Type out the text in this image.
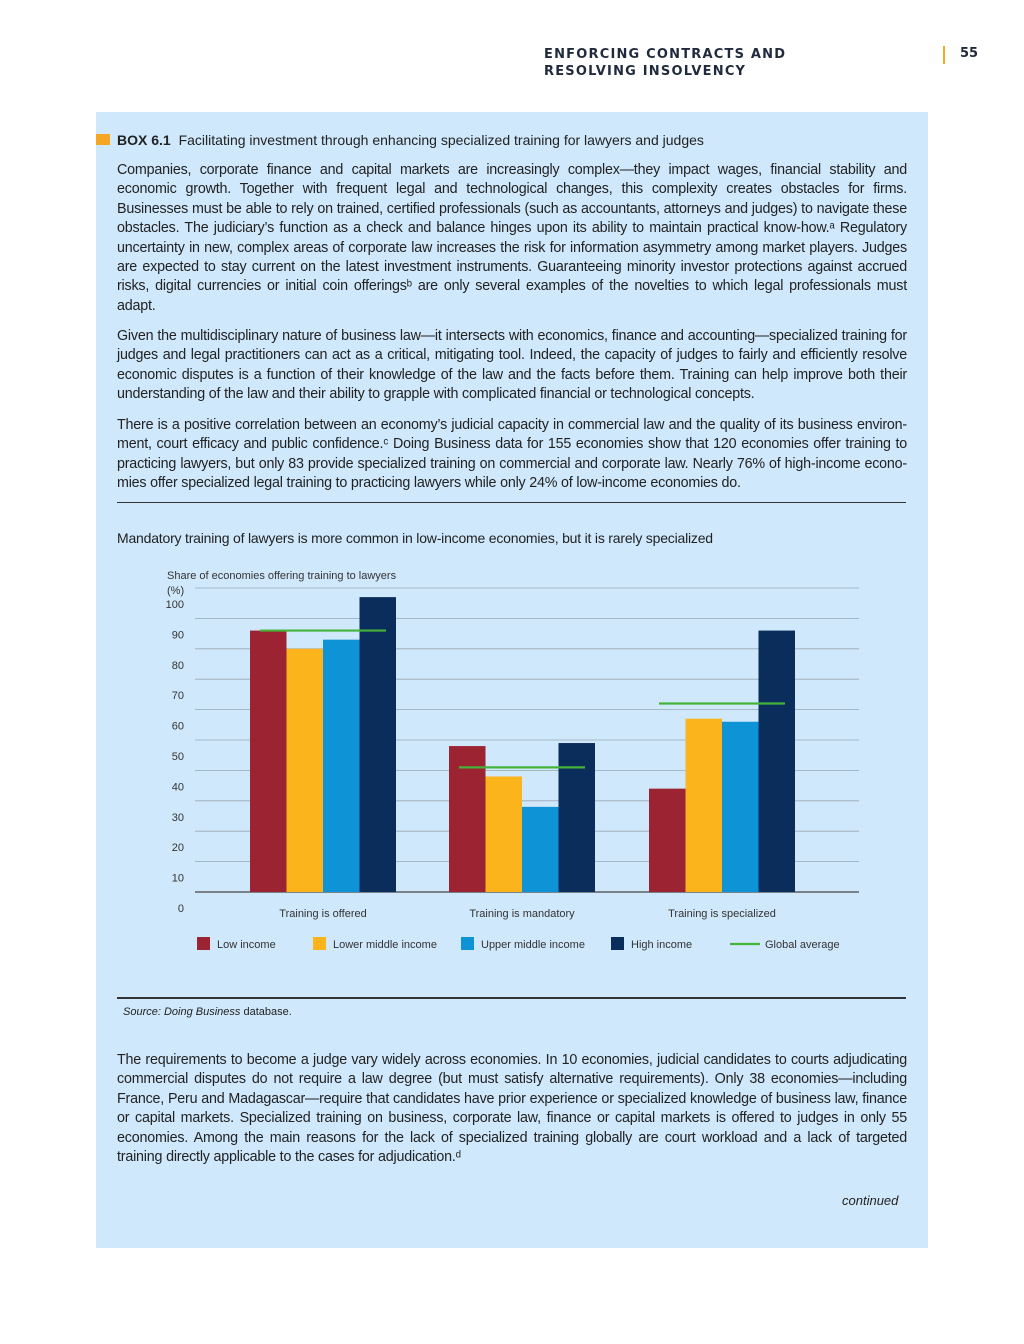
ENFORCING CONTRACTS AND RESOLVING INSOLVENCY
55
BOX 6.1 Facilitating investment through enhancing specialized training for lawyers and judges

Companies, corporate finance and capital markets are increasingly complex—they impact wages, financial stability and economic growth. Together with frequent legal and technological changes, this complexity creates obstacles for firms. Businesses must be able to rely on trained, certified professionals (such as accountants, attorneys and judges) to navigate these obstacles. The judiciary’s function as a check and balance hinges upon its ability to maintain practical know-how.ᵃ Regulatory uncertainty in new, complex areas of corporate law increases the risk for information asymmetry among market players. Judges are expected to stay current on the latest investment instruments. Guaranteeing minority investor protections against accrued risks, digital currencies or initial coin offeringsᵇ are only several examples of the novelties to which legal professionals must adapt.

Given the multidisciplinary nature of business law—it intersects with economics, finance and accounting—specialized training for judges and legal practitioners can act as a critical, mitigating tool. Indeed, the capacity of judges to fairly and efficiently resolve economic disputes is a function of their knowledge of the law and the facts before them. Training can help improve both their understanding of the law and their ability to grapple with complicated financial or technological concepts.

There is a positive correlation between an economy’s judicial capacity in commercial law and the quality of its business environ- ment, court efficacy and public confidence.ᶜ Doing Business data for 155 economies show that 120 economies offer training to practicing lawyers, but only 83 provide specialized training on commercial and corporate law. Nearly 76% of high-income econo- mies offer specialized legal training to practicing lawyers while only 24% of low-income economies do.

Mandatory training of lawyers is more common in low-income economies, but it is rarely specialized
Share of economies offering training to lawyers
(%)
100
90
80
70
60
50
40
30
20
10
0	Training is offered	Training is mandatory	Training is specialized
Low income	Lower middle income	Upper middle income	High income	Global average
Source: Doing Business database.

The requirements to become a judge vary widely across economies. In 10 economies, judicial candidates to courts adjudicating commercial disputes do not require a law degree (but must satisfy alternative requirements). Only 38 economies—including France, Peru and Madagascar—require that candidates have prior experience or specialized knowledge of business law, finance or capital markets. Specialized training on business, corporate law, finance or capital markets is offered to judges in only 55 economies. Among the main reasons for the lack of specialized training globally are court workload and a lack of targeted training directly applicable to the cases for adjudication.ᵈ

continued
